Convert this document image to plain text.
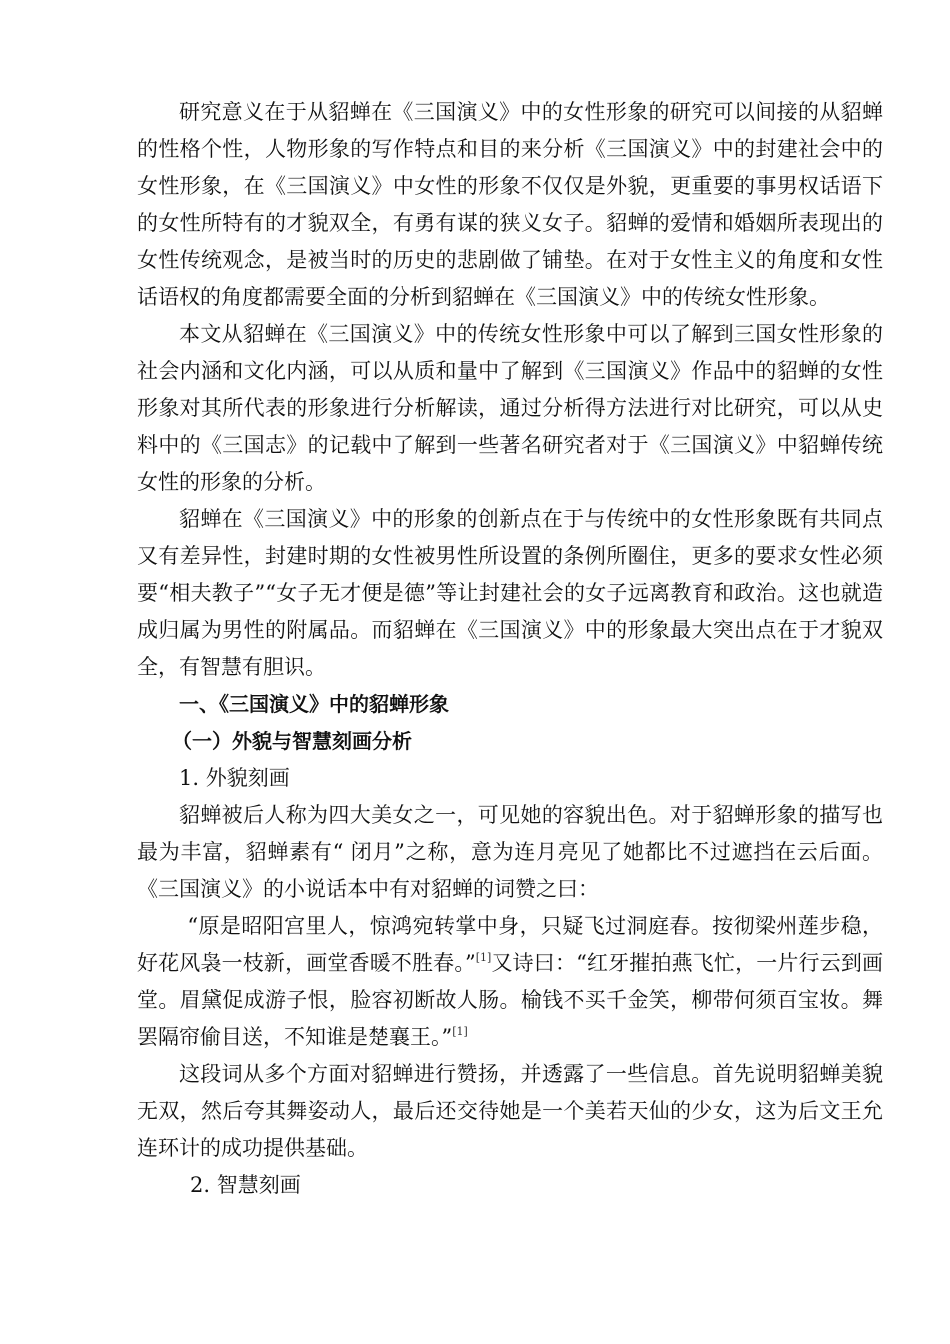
研究意义在于从貂蝉在《三国演义》中的女性形象的研究可以间接的从貂蝉的性格个性，人物形象的写作特点和目的来分析《三国演义》中的封建社会中的女性形象，在《三国演义》中女性的形象不仅仅是外貌，更重要的事男权话语下的女性所特有的才貌双全，有勇有谋的狭义女子。貂蝉的爱情和婚姻所表现出的女性传统观念，是被当时的历史的悲剧做了铺垫。在对于女性主义的角度和女性话语权的角度都需要全面的分析到貂蝉在《三国演义》中的传统女性形象。

本文从貂蝉在《三国演义》中的传统女性形象中可以了解到三国女性形象的社会内涵和文化内涵，可以从质和量中了解到《三国演义》作品中的貂蝉的女性形象对其所代表的形象进行分析解读，通过分析得方法进行对比研究，可以从史料中的《三国志》的记载中了解到一些著名研究者对于《三国演义》中貂蝉传统女性的形象的分析。

貂蝉在《三国演义》中的形象的创新点在于与传统中的女性形象既有共同点又有差异性，封建时期的女性被男性所设置的条例所圈住，更多的要求女性必须要“相夫教子”“女子无才便是德”等让封建社会的女子远离教育和政治。这也就造成归属为男性的附属品。而貂蝉在《三国演义》中的形象最大突出点在于才貌双全，有智慧有胆识。

一、《三国演义》中的貂蝉形象

（一）外貌与智慧刻画分析

1. 外貌刻画

貂蝉被后人称为四大美女之一，可见她的容貌出色。对于貂蝉形象的描写也最为丰富，貂蝉素有“ 闭月”之称，意为连月亮见了她都比不过遮挡在云后面。《三国演义》的小说话本中有对貂蝉的词赞之曰：

“原是昭阳宫里人，惊鸿宛转掌中身，只疑飞过洞庭春。按彻梁州莲步稳，好花风袅一枝新，画堂香暖不胜春。”[1]又诗曰：“红牙摧拍燕飞忙，一片行云到画堂。眉黛促成游子恨，脸容初断故人肠。榆钱不买千金笑，柳带何须百宝妆。舞罢隔帘偷目送，不知谁是楚襄王。”[1]

这段词从多个方面对貂蝉进行赞扬，并透露了一些信息。首先说明貂蝉美貌无双，然后夸其舞姿动人，最后还交待她是一个美若天仙的少女，这为后文王允连环计的成功提供基础。

2. 智慧刻画
